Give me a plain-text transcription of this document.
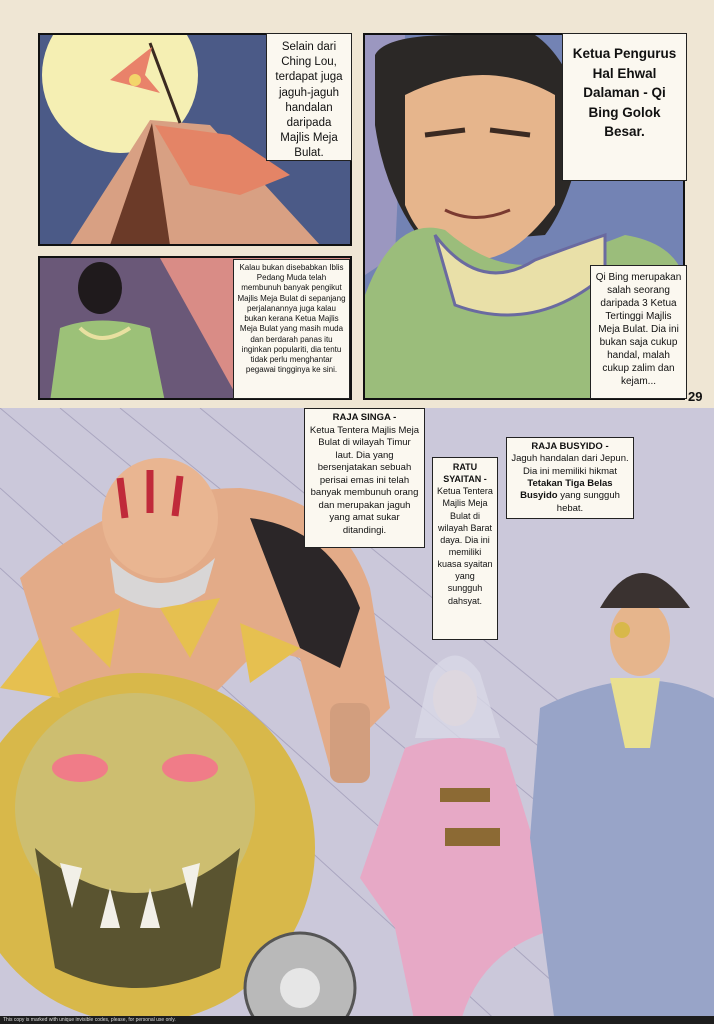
Selain dari Ching Lou, terdapat juga jaguh-jaguh handalan daripada Majlis Meja Bulat.
Kalau bukan disebabkan Iblis Pedang Muda telah membunuh banyak pengikut Majlis Meja Bulat di sepanjang perjalanannya juga kalau bukan kerana Ketua Majlis Meja Bulat yang masih muda dan berdarah panas itu inginkan populariti, dia tentu tidak perlu menghantar pegawai tingginya ke sini.
Ketua Pengurus Hal Ehwal Dalaman - Qi Bing Golok Besar.
Qi Bing merupakan salah seorang daripada 3 Ketua Tertinggi Majlis Meja Bulat. Dia ini bukan saja cukup handal, malah cukup zalim dan kejam...
29
RAJA SINGA -
Ketua Tentera Majlis Meja Bulat di wilayah Timur laut. Dia yang bersenjatakan sebuah perisai emas ini telah banyak membunuh orang dan merupakan jaguh yang amat sukar ditandingi.
RATU SYAITAN -
Ketua Tentera Majlis Meja Bulat di wilayah Barat daya. Dia ini memiliki kuasa syaitan yang sungguh dahsyat.
RAJA BUSYIDO -
Jaguh handalan dari Jepun. Dia ini memiliki hikmat Tetakan Tiga Belas Busyido yang sungguh hebat.
This copy is marked with unique invisible codes, please, for personal use only.
